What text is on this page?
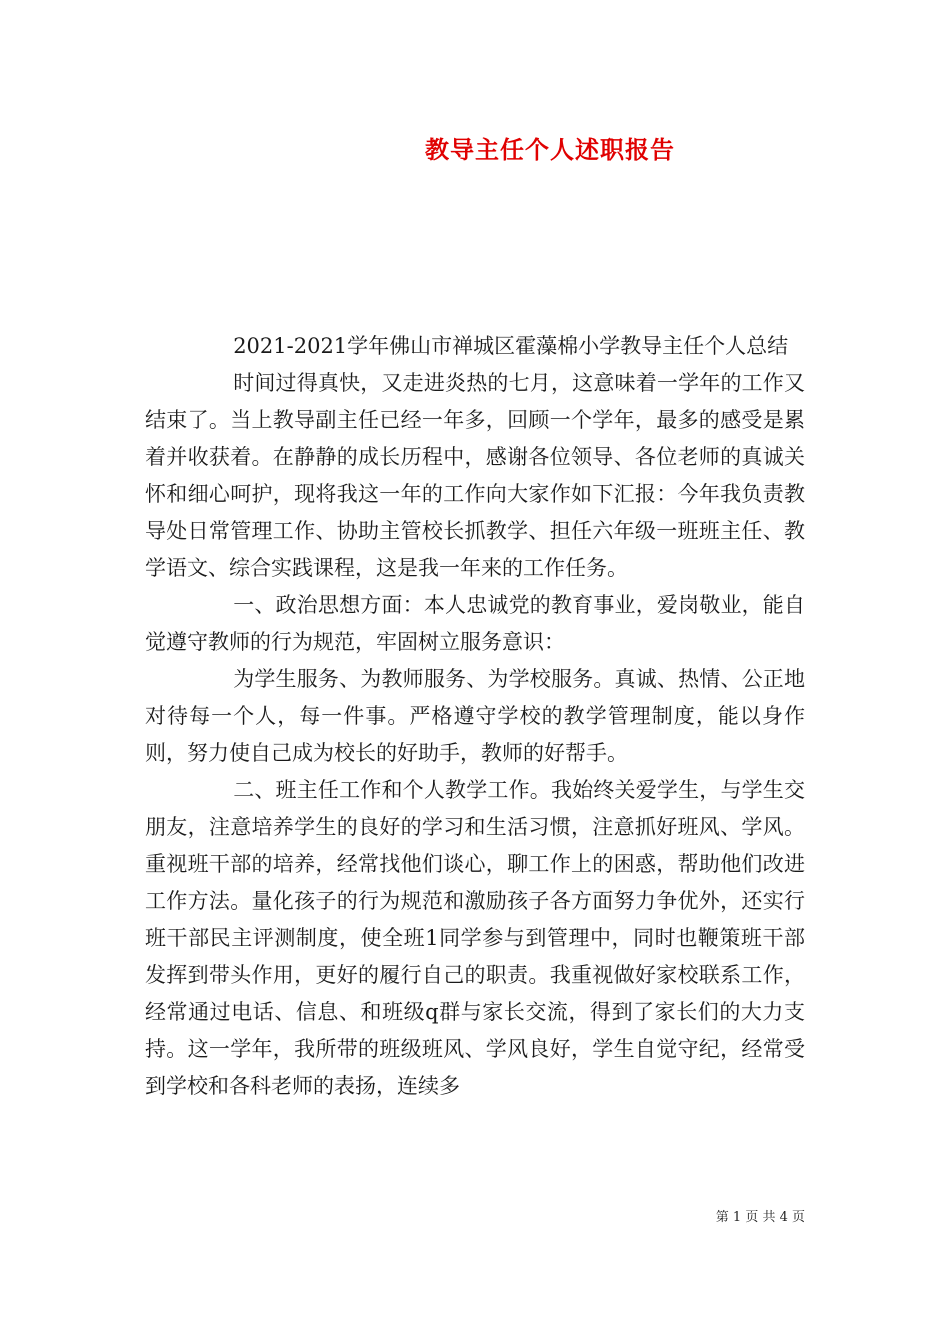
教导主任个人述职报告

2021-2021学年佛山市禅城区霍藻棉小学教导主任个人总结

时间过得真快，又走进炎热的七月，这意味着一学年的工作又结束了。当上教导副主任已经一年多，回顾一个学年，最多的感受是累着并收获着。在静静的成长历程中，感谢各位领导、各位老师的真诚关怀和细心呵护，现将我这一年的工作向大家作如下汇报：今年我负责教导处日常管理工作、协助主管校长抓教学、担任六年级一班班主任、教学语文、综合实践课程，这是我一年来的工作任务。

一、政治思想方面：本人忠诚党的教育事业，爱岗敬业，能自觉遵守教师的行为规范，牢固树立服务意识：

为学生服务、为教师服务、为学校服务。真诚、热情、公正地对待每一个人，每一件事。严格遵守学校的教学管理制度，能以身作则，努力使自己成为校长的好助手，教师的好帮手。

二、班主任工作和个人教学工作。我始终关爱学生，与学生交朋友，注意培养学生的良好的学习和生活习惯，注意抓好班风、学风。重视班干部的培养，经常找他们谈心，聊工作上的困惑，帮助他们改进工作方法。量化孩子的行为规范和激励孩子各方面努力争优外，还实行班干部民主评测制度，使全班1同学参与到管理中，同时也鞭策班干部发挥到带头作用，更好的履行自己的职责。我重视做好家校联系工作，经常通过电话、信息、和班级q群与家长交流，得到了家长们的大力支持。这一学年，我所带的班级班风、学风良好，学生自觉守纪，经常受到学校和各科老师的表扬，连续多

第 1 页 共 4 页
